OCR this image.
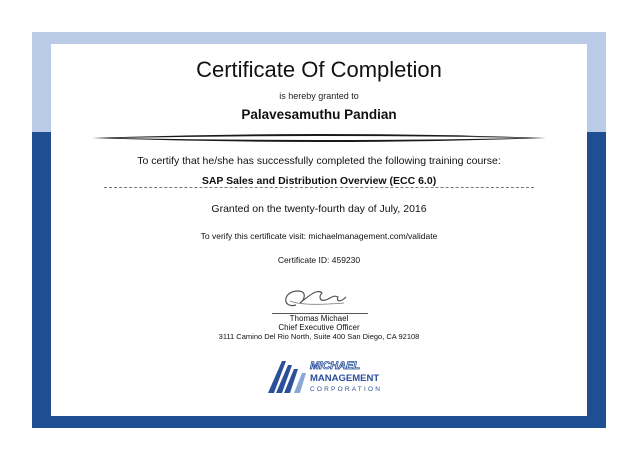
Certificate Of Completion
is hereby granted to
Palavesamuthu Pandian
To certify that he/she has successfully completed the following training course:
SAP Sales and Distribution Overview (ECC 6.0)
Granted on the twenty-fourth day of July, 2016
To verify this certificate visit: michaelmanagement.com/validate
Certificate ID: 459230
Thomas Michael
Chief Executive Officer
3111 Camino Del Rio North, Suite 400 San Diego, CA 92108
MICHAEL
MANAGEMENT
CORPORATION
